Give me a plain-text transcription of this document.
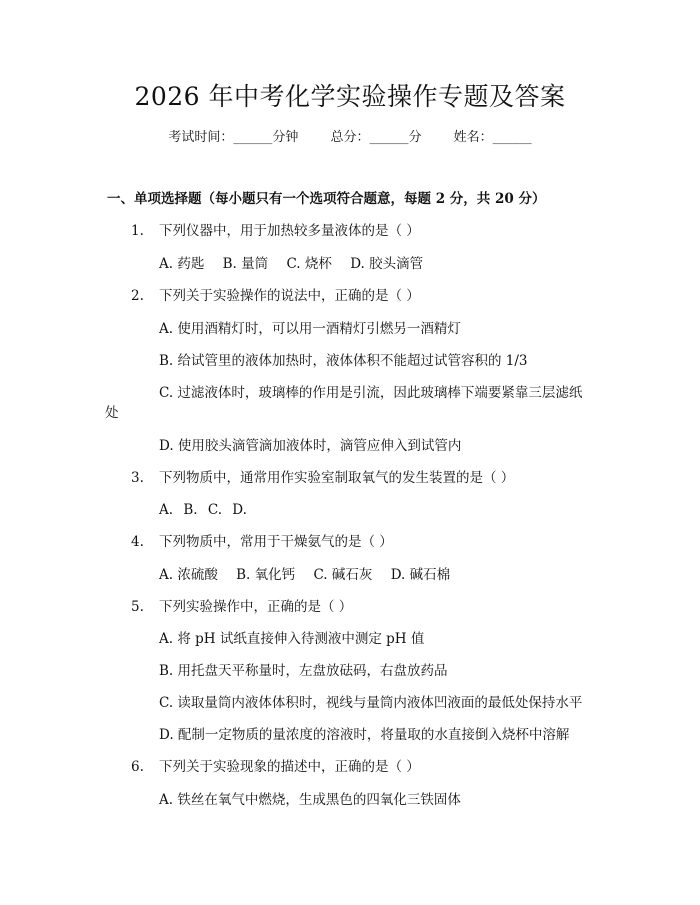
2026 年中考化学实验操作专题及答案
考试时间：______分钟 总分：______分 姓名：______
一、单项选择题（每小题只有一个选项符合题意，每题 2 分，共 20 分）
1. 下列仪器中，用于加热较多量液体的是（ ）
A. 药匙 B. 量筒 C. 烧杯 D. 胶头滴管
2. 下列关于实验操作的说法中，正确的是（ ）
A. 使用酒精灯时，可以用一酒精灯引燃另一酒精灯
B. 给试管里的液体加热时，液体体积不能超过试管容积的 1/3
C. 过滤液体时，玻璃棒的作用是引流，因此玻璃棒下端要紧靠三层滤纸
处
D. 使用胶头滴管滴加液体时，滴管应伸入到试管内
3. 下列物质中，通常用作实验室制取氧气的发生装置的是（ ）
A. B. C. D.
4. 下列物质中，常用于干燥氨气的是（ ）
A. 浓硫酸 B. 氧化钙 C. 碱石灰 D. 碱石棉
5. 下列实验操作中，正确的是（ ）
A. 将 pH 试纸直接伸入待测液中测定 pH 值
B. 用托盘天平称量时，左盘放砝码，右盘放药品
C. 读取量筒内液体体积时，视线与量筒内液体凹液面的最低处保持水平
D. 配制一定物质的量浓度的溶液时，将量取的水直接倒入烧杯中溶解
6. 下列关于实验现象的描述中，正确的是（ ）
A. 铁丝在氧气中燃烧，生成黑色的四氧化三铁固体
